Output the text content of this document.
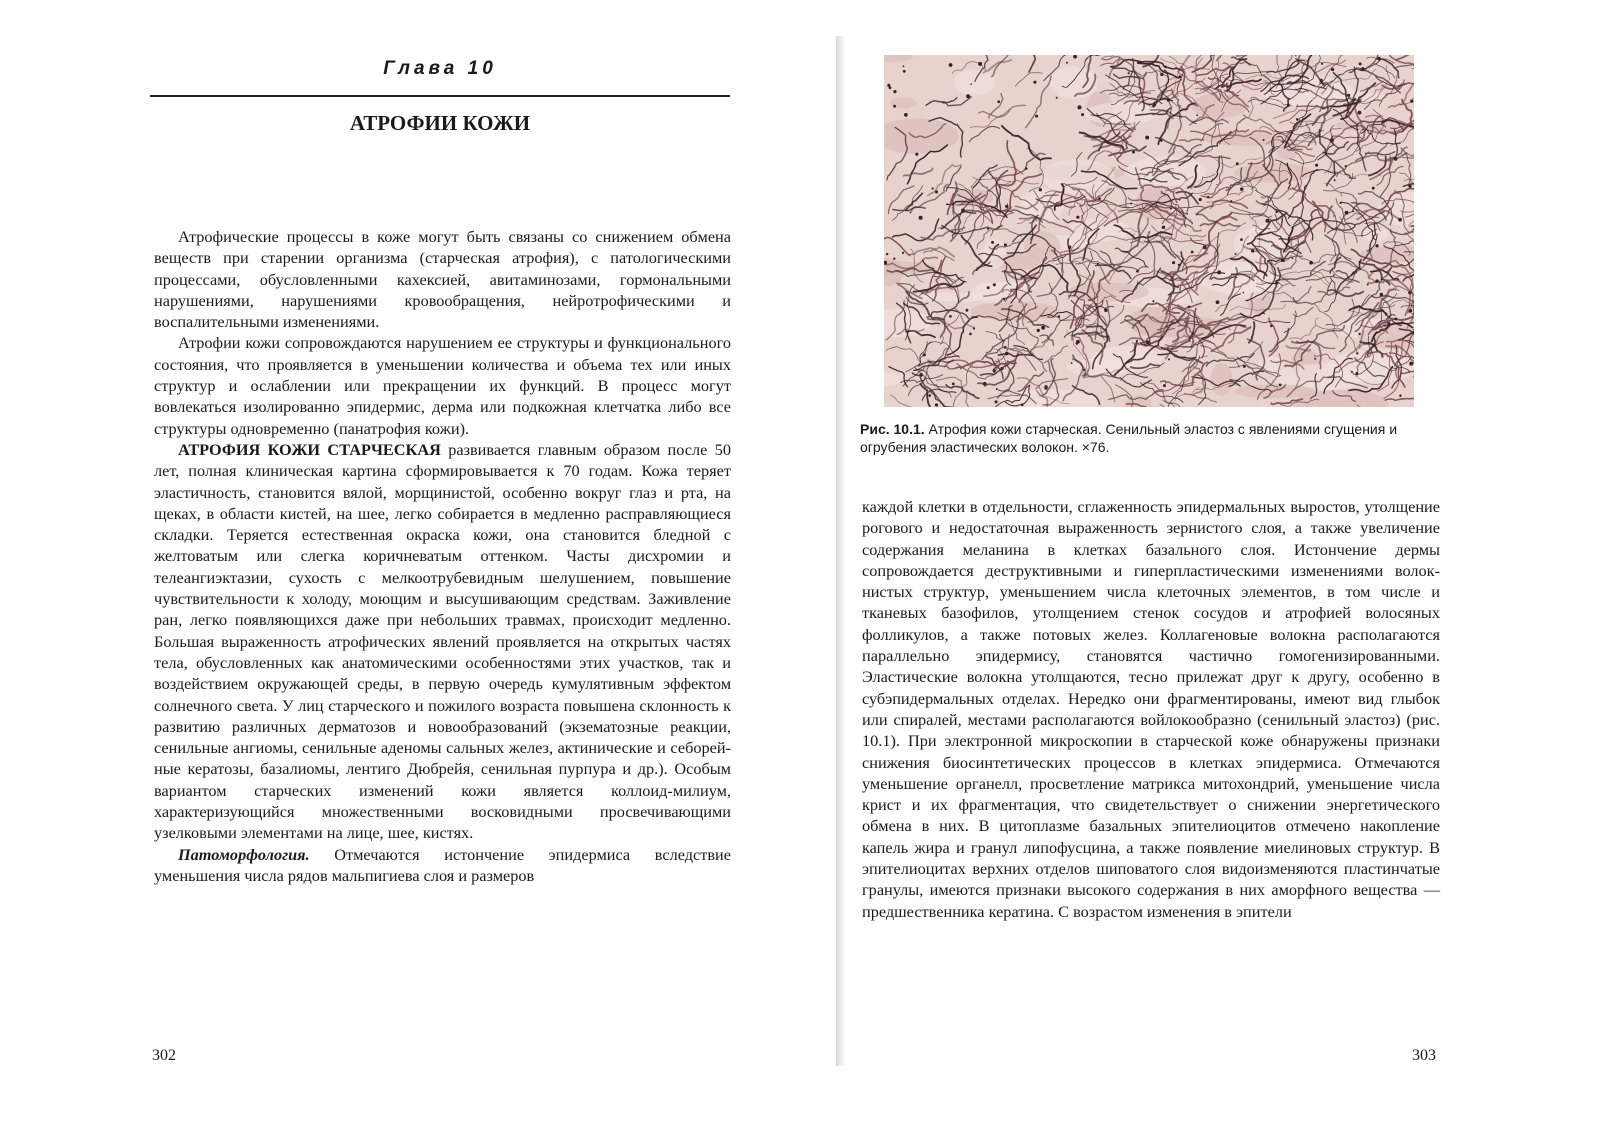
Глава 10
АТРОФИИ КОЖИ

Атрофические процессы в коже могут быть связаны со снижением обмена веществ при старении организма (старческая атрофия), с патологическими процессами, обусловленными кахексией, авитаминозами, гормональными нарушениями, нарушениями кровообращения, нейротрофическими и воспалительными изменениями.

Атрофии кожи сопровождаются нарушением ее структуры и функционального состояния, что проявляется в уменьшении количества и объема тех или иных структур и ослаблении или прекращении их функций. В процесс могут вовлекаться изолированно эпидермис, дерма или подкожная клетчатка либо все структуры одновременно (панатрофия кожи).

АТРОФИЯ КОЖИ СТАРЧЕСКАЯ развивается главным образом после 50 лет, полная клиническая картина сформировывается к 70 годам. Кожа теряет эластичность, становится вялой, морщинистой, особенно вокруг глаз и рта, на щеках, в области кистей, на шее, легко собирается в медленно расправляющиеся складки. Теряется естественная окраска кожи, она становится бледной с желтоватым или слегка коричневатым оттенком. Часты дисхромии и телеангиэктазии, сухость с мелкоотрубевидным шелушением, повышение чувствительности к холоду, моющим и высушивающим средствам. Заживление ран, легко появляющихся даже при небольших травмах, происходит медленно. Большая выраженность атрофических явлений проявляется на открытых частях тела, обусловленных как анатомическими особенностями этих участков, так и воздействием окружающей среды, в первую очередь кумулятивным эффектом солнечного света. У лиц старческого и пожилого возраста повышена склонность к развитию различных дерматозов и новообразований (экзематозные реакции, сенильные ангиомы, сенильные аденомы сальных желез, актинические и себорейные кератозы, базалиомы, лентиго Дюбрейя, сенильная пурпура и др.). Особым вариантом старческих изменений кожи является коллоид-милиум, характеризующийся множественными восковидными просвечивающими узелковыми элементами на лице, шее, кистях.

Патоморфология. Отмечаются истончение эпидермиса вследствие уменьшения числа рядов мальпигиева слоя и размеров

302
Рис. 10.1. Атрофия кожи старческая. Сенильный эластоз с явлениями сгущения и огрубения эластических волокон. ×76.

каждой клетки в отдельности, сглаженность эпидермальных выростов, утолщение рогового и недостаточная выраженность зернистого слоя, а также увеличение содержания меланина в клетках базального слоя. Истончение дермы сопровождается деструктивными и гиперпластическими изменениями волокнистых структур, уменьшением числа клеточных элементов, в том числе и тканевых базофилов, утолщением стенок сосудов и атрофией волосяных фолликулов, а также потовых желез. Коллагеновые волокна располагаются параллельно эпидермису, становятся частично гомогенизированными. Эластические волокна утолщаются, тесно прилежат друг к другу, особенно в субэпидермальных отделах. Нередко они фрагментированы, имеют вид глыбок или спиралей, местами располагаются войлокообразно (сенильный эластоз) (рис. 10.1). При электронной микроскопии в старческой коже обнаружены признаки снижения биосинтетических процессов в клетках эпидермиса. Отмечаются уменьшение органелл, просветление матрикса митохондрий, уменьшение числа крист и их фрагментация, что свидетельствует о снижении энергетического обмена в них. В цитоплазме базальных эпителиоцитов отмечено накопление капель жира и гранул липофусцина, а также появление миелиновых структур. В эпителиоцитах верхних отделов шиповатого слоя видоизменяются пластинчатые гранулы, имеются признаки высокого содержания в них аморфного вещества — предшественника кератина. С возрастом изменения в эпители

303
